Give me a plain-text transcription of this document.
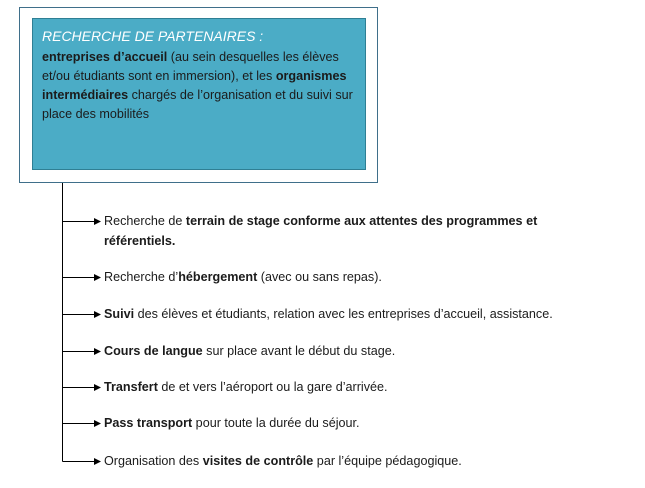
RECHERCHE DE PARTENAIRES :
entreprises d’accueil (au sein desquelles les élèves et/ou étudiants sont en immersion), et les organismes intermédiaires chargés de l’organisation et du suivi sur place des mobilités
Recherche de terrain de stage conforme aux attentes des programmes et référentiels.
Recherche d’hébergement (avec ou sans repas).
Suivi des élèves et étudiants, relation avec les entreprises d’accueil, assistance.
Cours de langue sur place avant le début du stage.
Transfert de et vers l’aéroport ou la gare d’arrivée.
Pass transport pour toute la durée du séjour.
Organisation des visites de contrôle par l’équipe pédagogique.
